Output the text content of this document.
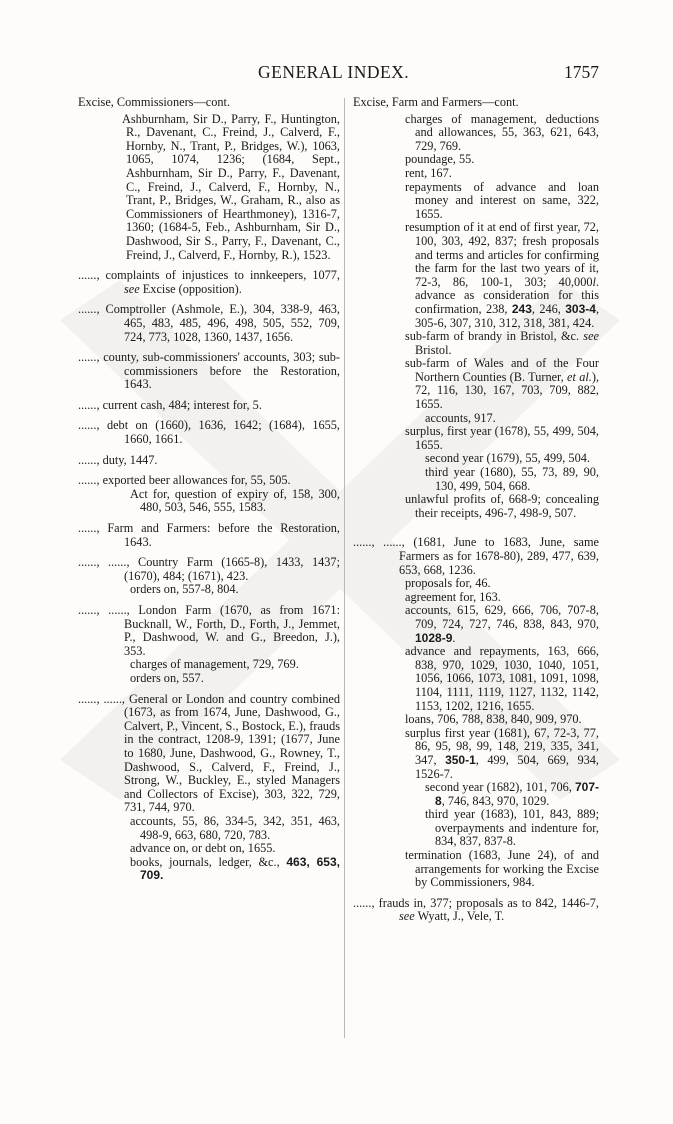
GENERAL INDEX.	1757

Excise, Commissioners—cont.

Ashburnham, Sir D., Parry, F., Huntington, R., Davenant, C., Freind, J., Calverd, F., Hornby, N., Trant, P., Bridges, W.), 1063, 1065, 1074, 1236; (1684, Sept., Ashburnham, Sir D., Parry, F., Davenant, C., Freind, J., Calverd, F., Hornby, N., Trant, P., Bridges, W., Graham, R., also as Commissioners of Hearthmoney), 1316-7, 1360; (1684-5, Feb., Ashburnham, Sir D., Dashwood, Sir S., Parry, F., Davenant, C., Freind, J., Calverd, F., Hornby, R.), 1523.

......, complaints of injustices to innkeepers, 1077, see Excise (opposition).

......, Comptroller (Ashmole, E.), 304, 338-9, 463, 465, 483, 485, 496, 498, 505, 552, 709, 724, 773, 1028, 1360, 1437, 1656.

......, county, sub-commissioners' accounts, 303; sub-commissioners before the Restoration, 1643.

......, current cash, 484; interest for, 5.

......, debt on (1660), 1636, 1642; (1684), 1655, 1660, 1661.

......, duty, 1447.

......, exported beer allowances for, 55, 505.

Act for, question of expiry of, 158, 300, 480, 503, 546, 555, 1583.

......, Farm and Farmers: before the Restoration, 1643.

......, ......, Country Farm (1665-8), 1433, 1437; (1670), 484; (1671), 423.

orders on, 557-8, 804.

......, ......, London Farm (1670, as from 1671: Bucknall, W., Forth, D., Forth, J., Jemmet, P., Dashwood, W. and G., Breedon, J.), 353.

charges of management, 729, 769.

orders on, 557.

......, ......, General or London and country combined (1673, as from 1674, June, Dashwood, G., Calvert, P., Vincent, S., Bostock, E.), frauds in the contract, 1208-9, 1391; (1677, June to 1680, June, Dashwood, G., Rowney, T., Dashwood, S., Calverd, F., Freind, J., Strong, W., Buckley, E., styled Managers and Collectors of Excise), 303, 322, 729, 731, 744, 970.

accounts, 55, 86, 334-5, 342, 351, 463, 498-9, 663, 680, 720, 783.

advance on, or debt on, 1655.

books, journals, ledger, &c., 463, 653, 709.

Excise, Farm and Farmers—cont.

charges of management, deductions and allowances, 55, 363, 621, 643, 729, 769.

poundage, 55.

rent, 167.

repayments of advance and loan money and interest on same, 322, 1655.

resumption of it at end of first year, 72, 100, 303, 492, 837; fresh proposals and terms and articles for confirming the farm for the last two years of it, 72-3, 86, 100-1, 303; 40,000l. advance as consideration for this confirmation, 238, 243, 246, 303-4, 305-6, 307, 310, 312, 318, 381, 424.

sub-farm of brandy in Bristol, &c. see Bristol.

sub-farm of Wales and of the Four Northern Counties (B. Turner, et al.), 72, 116, 130, 167, 703, 709, 882, 1655.

accounts, 917.

surplus, first year (1678), 55, 499, 504, 1655.

second year (1679), 55, 499, 504.

third year (1680), 55, 73, 89, 90, 130, 499, 504, 668.

unlawful profits of, 668-9; concealing their receipts, 496-7, 498-9, 507.

......, ......, (1681, June to 1683, June, same Farmers as for 1678-80), 289, 477, 639, 653, 668, 1236.

proposals for, 46.

agreement for, 163.

accounts, 615, 629, 666, 706, 707-8, 709, 724, 727, 746, 838, 843, 970, 1028-9.

advance and repayments, 163, 666, 838, 970, 1029, 1030, 1040, 1051, 1056, 1066, 1073, 1081, 1091, 1098, 1104, 1111, 1119, 1127, 1132, 1142, 1153, 1202, 1216, 1655.

loans, 706, 788, 838, 840, 909, 970.

surplus first year (1681), 67, 72-3, 77, 86, 95, 98, 99, 148, 219, 335, 341, 347, 350-1, 499, 504, 669, 934, 1526-7.

second year (1682), 101, 706, 707-8, 746, 843, 970, 1029.

third year (1683), 101, 843, 889; overpayments and indenture for, 834, 837, 837-8.

termination (1683, June 24), of and arrangements for working the Excise by Commissioners, 984.

......, frauds in, 377; proposals as to 842, 1446-7, see Wyatt, J., Vele, T.
